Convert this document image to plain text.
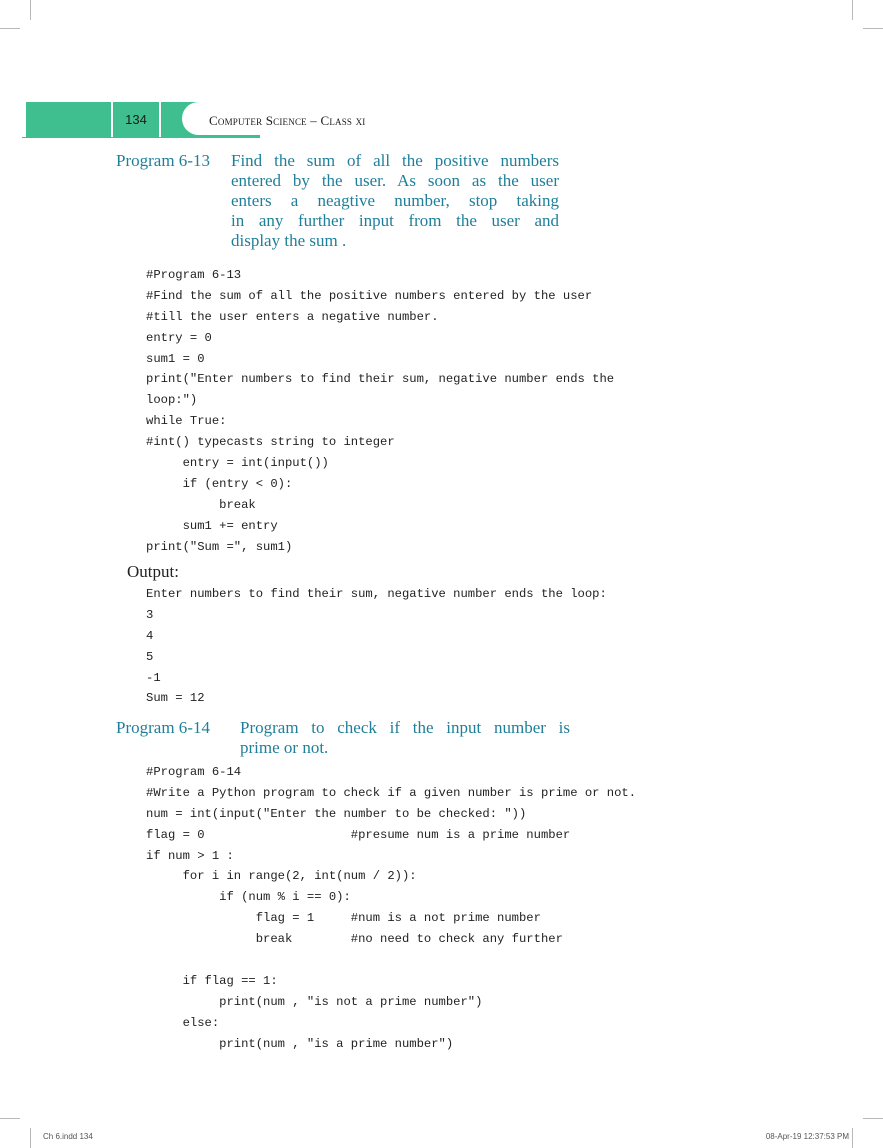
134	Computer Science – Class xi
Program 6-13 Find the sum of all the positive numbers
entered by the user. As soon as the user
enters a neagtive number, stop taking
in any further input from the user and
display the sum .
#Program 6-13
#Find the sum of all the positive numbers entered by the user
#till the user enters a negative number.
entry = 0
sum1 = 0
print("Enter numbers to find their sum, negative number ends the
loop:")
while True:
#int() typecasts string to integer
entry = int(input())
if (entry < 0):
break
sum1 += entry
print("Sum =", sum1)
Output:
Enter numbers to find their sum, negative number ends the loop:
3
4
5
-1
Sum = 12
Program 6-14 Program to check if the input number is
prime or not.
#Program 6-14
#Write a Python program to check if a given number is prime or not.
num = int(input("Enter the number to be checked: "))
flag = 0                    #presume num is a prime number
if num > 1 :
for i in range(2, int(num / 2)):
if (num % i == 0):
flag = 1     #num is a not prime number
break        #no need to check any further
if flag == 1:
print(num , "is not a prime number")
else:
print(num , "is a prime number")
Ch 6.indd 134	08-Apr-19 12:37:53 PM
